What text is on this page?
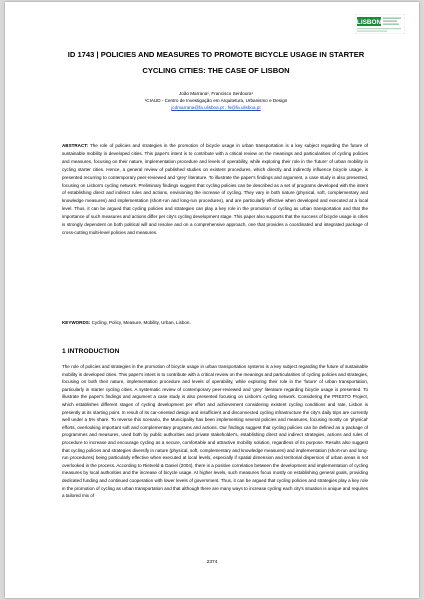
LISBON
ID 1743 | POLICIES AND MEASURES TO PROMOTE BICYCLE USAGE IN STARTER CYCLING CITIES: THE CASE OF LISBON
João Marrana¹, Francisco Serdoura¹
¹CIAUD - Centro de Investigação em Arquitetura, Urbanismo e Design
jcdmarrana@fa.ulisboa.pt ; fs@fa.ulisboa.pt

ABSTRACT: The role of policies and strategies in the promotion of bicycle usage in urban transportation is a key subject regarding the future of sustainable mobility in developed cities. This paper's intent is to contribute with a critical review on the meanings and particularities of cycling policies and measures, focusing on their nature, implementation procedure and levels of operability, while exploring their role in the 'future' of urban mobility in cycling starter cities. Hence, a general review of published studies on existent procedures, which directly and indirectly influence bicycle usage, is presented recurring to contemporary peer-reviewed and 'grey' literature. To illustrate the paper's findings and argument, a case study is also presented, focusing on Lisbon's cycling network. Preliminary findings suggest that cycling policies can be described as a set of programs developed with the intent of establishing direct and indirect rules and actions, envisioning the increase of cycling. They vary in both nature (physical, soft, complementary and knowledge measures) and implementation (short-run and long-run procedures), and are particularly effective when developed and executed at a local level. Thus, it can be argued that cycling policies and strategies can play a key role in the promotion of cycling as urban transportation and that the importance of such measures and actions differ per city's cycling development stage. This paper also supports that the success of bicycle usage in cities is strongly dependent on both political will and resolve and on a comprehensive approach, one that provides a coordinated and integrated package of cross-cutting multi-level policies and measures.

KEYWORDS: Cycling, Policy, Measure, Mobility, Urban, Lisbon.

1 INTRODUCTION

The role of policies and strategies in the promotion of bicycle usage in urban transportation systems is a key subject regarding the future of sustainable mobility in developed cities. This paper's intent is to contribute with a critical review on the meanings and particularities of cycling policies and strategies, focusing on both their nature, implementation procedure and levels of operability, while exploring their role in the 'future' of urban transportation, particularly in starter cycling cities. A systematic review of contemporary peer-reviewed and 'grey' literature regarding bicycle usage is presented. To illustrate the paper's findings and argument a case study is also presented focusing on Lisbon's cycling network. Considering the PRESTO Project, which establishes different stages of cycling development per effort and achievement considering existent cycling conditions and rate, Lisbon is presently at its starting point. In result of its car-oriented design and insufficient and disconnected cycling infrastructure the city's daily trips are currently well under a 5% share. To reverse this scenario, the Municipality has been implementing several policies and measures, focusing mostly on 'physical' efforts, overlooking important soft and complementary programs and actions. Our findings suggest that cycling policies can be defined as a package of programmes and measures, used both by public authorities and private stakeholder's, establishing direct and indirect strategies, actions and rules of procedure to increase and encourage cycling as a secure, comfortable and attractive mobility solution, regardless of its purpose. Results also suggest that cycling policies and strategies diversify in nature (physical, soft, complementary and knowledge measures) and implementation (short-run and long-run procedures) being particularly effective when executed at local levels, especially if spatial dimension and territorial dispersion of urban areas is not overlooked in the process. According to Rietveld & Daniel (2004), there is a positive correlation between the development and implementation of cycling measures by local authorities and the increase of bicycle usage. At higher levels, such measures focus mostly on establishing general goals, providing dedicated funding and continued cooperation with lower levels of government. Thus, it can be argued that cycling policies and strategies play a key role in the promotion of cycling as urban transportation and that although there are many ways to increase cycling each city's situation is unique and requires a tailored mix of

2374
